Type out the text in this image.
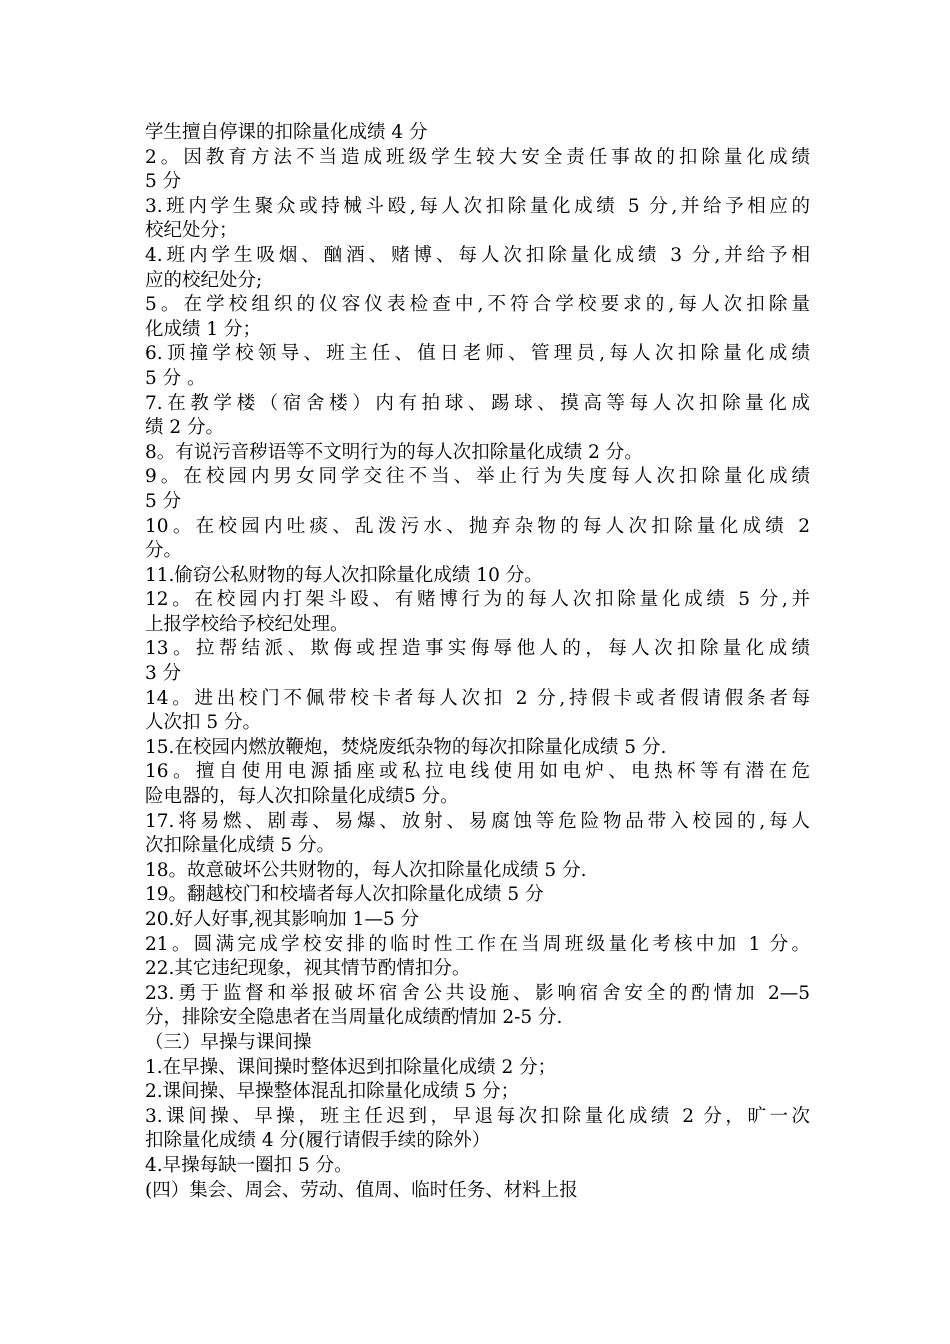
学生擅自停课的扣除量化成绩 4 分

2。因教育方法不当造成班级学生较大安全责任事故的扣除量化成绩

5 分

3.班内学生聚众或持械斗殴,每人次扣除量化成绩 5 分,并给予相应的

校纪处分；

4.班内学生吸烟、酗酒、赌博、每人次扣除量化成绩 3 分,并给予相

应的校纪处分;

5。在学校组织的仪容仪表检查中,不符合学校要求的,每人次扣除量

化成绩 1 分；

6.顶撞学校领导、班主任、值日老师、管理员,每人次扣除量化成绩

5 分 。

7.在教学楼（宿舍楼）内有拍球、踢球、摸高等每人次扣除量化成

绩 2 分。

8。有说污音秽语等不文明行为的每人次扣除量化成绩 2 分。

9。在校园内男女同学交往不当、举止行为失度每人次扣除量化成绩

5 分

10。在校园内吐痰、乱泼污水、抛弃杂物的每人次扣除量化成绩 2

分。

11.偷窃公私财物的每人次扣除量化成绩 10 分。

12。在校园内打架斗殴、有赌博行为的每人次扣除量化成绩 5 分,并

上报学校给予校纪处理。

13。拉帮结派、欺侮或捏造事实侮辱他人的，每人次扣除量化成绩

3 分

14。进出校门不佩带校卡者每人次扣 2 分,持假卡或者假请假条者每

人次扣 5 分。

15.在校园内燃放鞭炮，焚烧废纸杂物的每次扣除量化成绩 5 分.

16。擅自使用电源插座或私拉电线使用如电炉、电热杯等有潜在危

险电器的，每人次扣除量化成绩5 分。

17.将易燃、剧毒、易爆、放射、易腐蚀等危险物品带入校园的,每人

次扣除量化成绩 5 分。

18。故意破坏公共财物的，每人次扣除量化成绩 5 分.

19。翻越校门和校墙者每人次扣除量化成绩 5 分

20.好人好事,视其影响加 1—5 分

21。圆满完成学校安排的临时性工作在当周班级量化考核中加 1 分。

22.其它违纪现象，视其情节酌情扣分。

23.勇于监督和举报破坏宿舍公共设施、影响宿舍安全的酌情加 2—5

分，排除安全隐患者在当周量化成绩酌情加 2-5 分.

（三）早操与课间操

1.在早操、课间操时整体迟到扣除量化成绩 2 分；

2.课间操、早操整体混乱扣除量化成绩 5 分；

3.课间操、早操，班主任迟到，早退每次扣除量化成绩 2 分，旷一次

扣除量化成绩 4 分(履行请假手续的除外）

4.早操每缺一圈扣 5 分。

(四）集会、周会、劳动、值周、临时任务、材料上报
